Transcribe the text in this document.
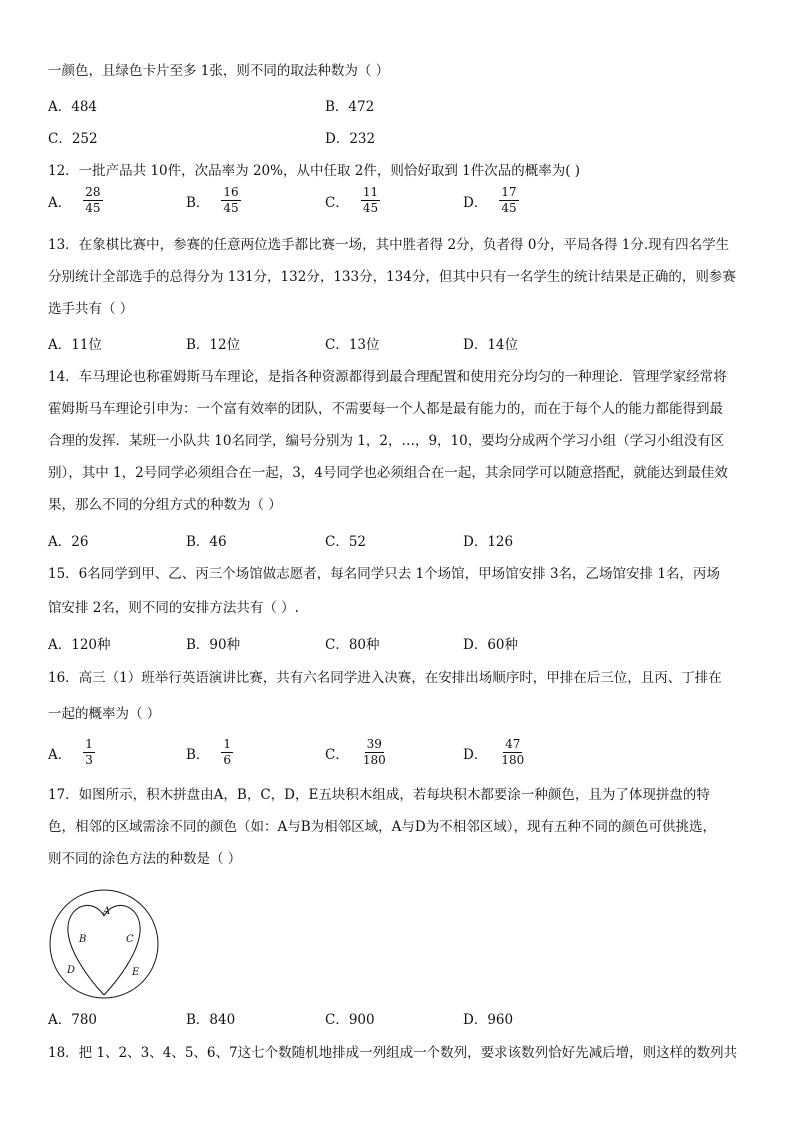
一颜色，且绿色卡片至多 1张，则不同的取法种数为（ ）
A．484	B．472
C．252	D．232
12．一批产品共 10件，次品率为 20%，从中任取 2件，则恰好取到 1件次品的概率为( )
A． $\frac{28}{45}$	B． $\frac{16}{45}$	C． $\frac{11}{45}$	D． $\frac{17}{45}$
13．在象棋比赛中，参赛的任意两位选手都比赛一场，其中胜者得 2分，负者得 0分，平局各得 1分.现有四名学生
分别统计全部选手的总得分为 131分，132分，133分，134分，但其中只有一名学生的统计结果是正确的，则参赛
选手共有（ ）
A．11位	B．12位	C．13位	D．14位
14．车马理论也称霍姆斯马车理论，是指各种资源都得到最合理配置和使用充分均匀的一种理论．管理学家经常将
霍姆斯马车理论引申为：一个富有效率的团队，不需要每一个人都是最有能力的，而在于每个人的能力都能得到最
合理的发挥．某班一小队共 10名同学，编号分别为 1，2，…，9，10，要均分成两个学习小组（学习小组没有区
别），其中 1，2号同学必须组合在一起，3，4号同学也必须组合在一起，其余同学可以随意搭配，就能达到最佳效
果，那么不同的分组方式的种数为（ ）
A．26	B．46	C．52	D．126
15．6名同学到甲、乙、丙三个场馆做志愿者，每名同学只去 1个场馆，甲场馆安排 3名，乙场馆安排 1名，丙场
馆安排 2名，则不同的安排方法共有（ ）.
A．120种	B．90种	C．80种	D．60种
16．高三（1）班举行英语演讲比赛，共有六名同学进入决赛，在安排出场顺序时，甲排在后三位，且丙、丁排在
一起的概率为（ ）
A． $\frac{1}{3}$	B． $\frac{1}{6}$	C． $\frac{39}{180}$	D． $\frac{47}{180}$
17．如图所示，积木拼盘由A，B，C，D，E五块积木组成，若每块积木都要涂一种颜色，且为了体现拼盘的特
色，相邻的区域需涂不同的颜色（如：A与B为相邻区域，A与D为不相邻区域），现有五种不同的颜色可供挑选，
则不同的涂色方法的种数是（ ）
A
B	C
D	E
A．780	B．840	C．900	D．960
18．把 1、2、3、4、5、6、7这七个数随机地排成一列组成一个数列，要求该数列恰好先减后增，则这样的数列共
